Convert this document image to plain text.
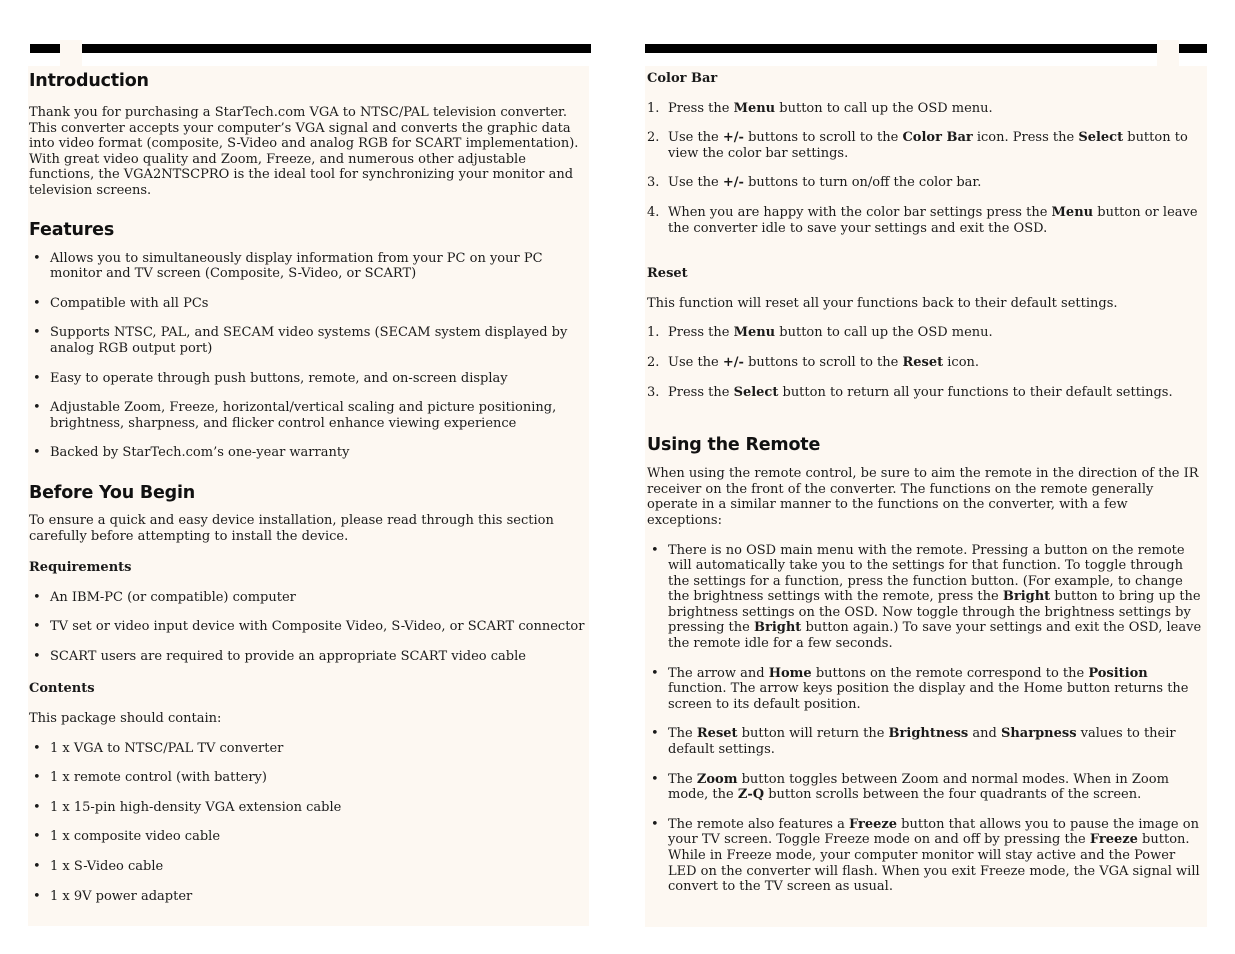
Introduction

Thank you for purchasing a StarTech.com VGA to NTSC/PAL television converter. This converter accepts your computer’s VGA signal and converts the graphic data into video format (composite, S-Video and analog RGB for SCART implementation). With great video quality and Zoom, Freeze, and numerous other adjustable functions, the VGA2NTSCPRO is the ideal tool for synchronizing your monitor and television screens.

Features
• Allows you to simultaneously display information from your PC on your PC monitor and TV screen (Composite, S-Video, or SCART)
• Compatible with all PCs
• Supports NTSC, PAL, and SECAM video systems (SECAM system displayed by analog RGB output port)
• Easy to operate through push buttons, remote, and on-screen display
• Adjustable Zoom, Freeze, horizontal/vertical scaling and picture positioning, brightness, sharpness, and flicker control enhance viewing experience
• Backed by StarTech.com’s one-year warranty
Before You Begin

To ensure a quick and easy device installation, please read through this section carefully before attempting to install the device.

Requirements

• An IBM-PC (or compatible) computer
• TV set or video input device with Composite Video, S-Video, or SCART connector
• SCART users are required to provide an appropriate SCART video cable

Contents

This package should contain:

• 1 x VGA to NTSC/PAL TV converter
• 1 x remote control (with battery)
• 1 x 15-pin high-density VGA extension cable
• 1 x composite video cable
• 1 x S-Video cable
• 1 x 9V power adapter

Color Bar

1. Press the Menu button to call up the OSD menu.
2. Use the +/- buttons to scroll to the Color Bar icon. Press the Select button to view the color bar settings.
3. Use the +/- buttons to turn on/off the color bar.
4. When you are happy with the color bar settings press the Menu button or leave the converter idle to save your settings and exit the OSD.

Reset

This function will reset all your functions back to their default settings.

1. Press the Menu button to call up the OSD menu.
2. Use the +/- buttons to scroll to the Reset icon.
3. Press the Select button to return all your functions to their default settings.
Using the Remote

When using the remote control, be sure to aim the remote in the direction of the IR receiver on the front of the converter. The functions on the remote generally operate in a similar manner to the functions on the converter, with a few exceptions:

• There is no OSD main menu with the remote. Pressing a button on the remote will automatically take you to the settings for that function. To toggle through the settings for a function, press the function button. (For example, to change the brightness settings with the remote, press the Bright button to bring up the brightness settings on the OSD. Now toggle through the brightness settings by pressing the Bright button again.) To save your settings and exit the OSD, leave the remote idle for a few seconds.
• The arrow and Home buttons on the remote correspond to the Position function. The arrow keys position the display and the Home button returns the screen to its default position.
• The Reset button will return the Brightness and Sharpness values to their default settings.
• The Zoom button toggles between Zoom and normal modes. When in Zoom mode, the Z-Q button scrolls between the four quadrants of the screen.
• The remote also features a Freeze button that allows you to pause the image on your TV screen. Toggle Freeze mode on and off by pressing the Freeze button. While in Freeze mode, your computer monitor will stay active and the Power LED on the converter will flash. When you exit Freeze mode, the VGA signal will convert to the TV screen as usual.
